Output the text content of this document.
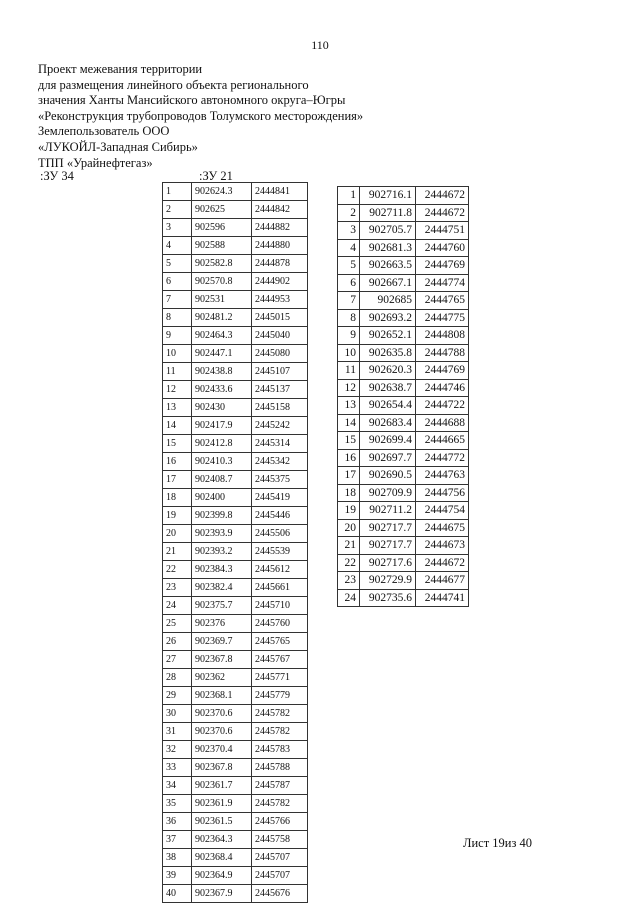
110
Проект межевания территории
для размещения линейного объекта регионального
значения Ханты Мансийского автономного округа–Югры
«Реконструкция трубопроводов Толумского месторождения»
Землепользователь ООО
«ЛУКОЙЛ-Западная Сибирь»
ТПП «Урайнефтегаз»
:ЗУ 34	:ЗУ 21
1	902624.3	2444841
2	902625	2444842
3	902596	2444882
4	902588	2444880
5	902582.8	2444878
6	902570.8	2444902
7	902531	2444953
8	902481.2	2445015
9	902464.3	2445040
10	902447.1	2445080
11	902438.8	2445107
12	902433.6	2445137
13	902430	2445158
14	902417.9	2445242
15	902412.8	2445314
16	902410.3	2445342
17	902408.7	2445375
18	902400	2445419
19	902399.8	2445446
20	902393.9	2445506
21	902393.2	2445539
22	902384.3	2445612
23	902382.4	2445661
24	902375.7	2445710
25	902376	2445760
26	902369.7	2445765
27	902367.8	2445767
28	902362	2445771
29	902368.1	2445779
30	902370.6	2445782
31	902370.6	2445782
32	902370.4	2445783
33	902367.8	2445788
34	902361.7	2445787
35	902361.9	2445782
36	902361.5	2445766
37	902364.3	2445758
38	902368.4	2445707
39	902364.9	2445707
40	902367.9	2445676
1	902716.1	2444672
2	902711.8	2444672
3	902705.7	2444751
4	902681.3	2444760
5	902663.5	2444769
6	902667.1	2444774
7	902685	2444765
8	902693.2	2444775
9	902652.1	2444808
10	902635.8	2444788
11	902620.3	2444769
12	902638.7	2444746
13	902654.4	2444722
14	902683.4	2444688
15	902699.4	2444665
16	902697.7	2444772
17	902690.5	2444763
18	902709.9	2444756
19	902711.2	2444754
20	902717.7	2444675
21	902717.7	2444673
22	902717.6	2444672
23	902729.9	2444677
24	902735.6	2444741
Лист 19из 40
